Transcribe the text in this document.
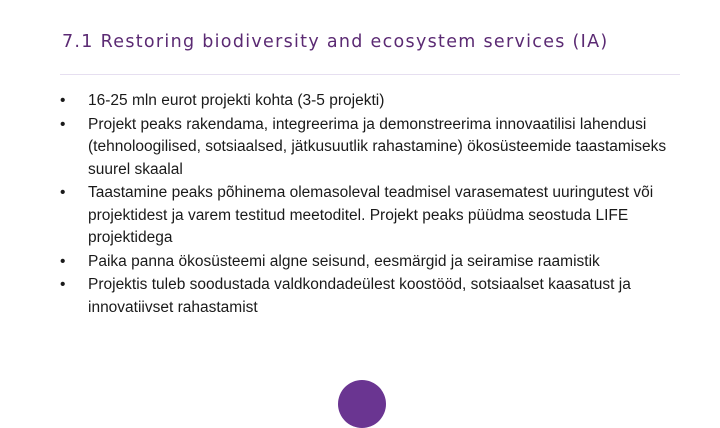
7.1 Restoring biodiversity and ecosystem services (IA)
• 16-25 mln eurot projekti kohta (3-5 projekti)
• Projekt peaks rakendama, integreerima ja demonstreerima innovaatilisi lahendusi (tehnoloogilised, sotsiaalsed, jätkusuutlik rahastamine) ökosüsteemide taastamiseks suurel skaalal
• Taastamine peaks põhinema olemasoleval teadmisel varasematest uuringutest või projektidest ja varem testitud meetoditel. Projekt peaks püüdma seostuda LIFE projektidega
• Paika panna ökosüsteemi algne seisund, eesmärgid ja seiramise raamistik
• Projektis tuleb soodustada valdkondadeülest koostööd, sotsiaalset kaasatust ja innovatiivset rahastamist
